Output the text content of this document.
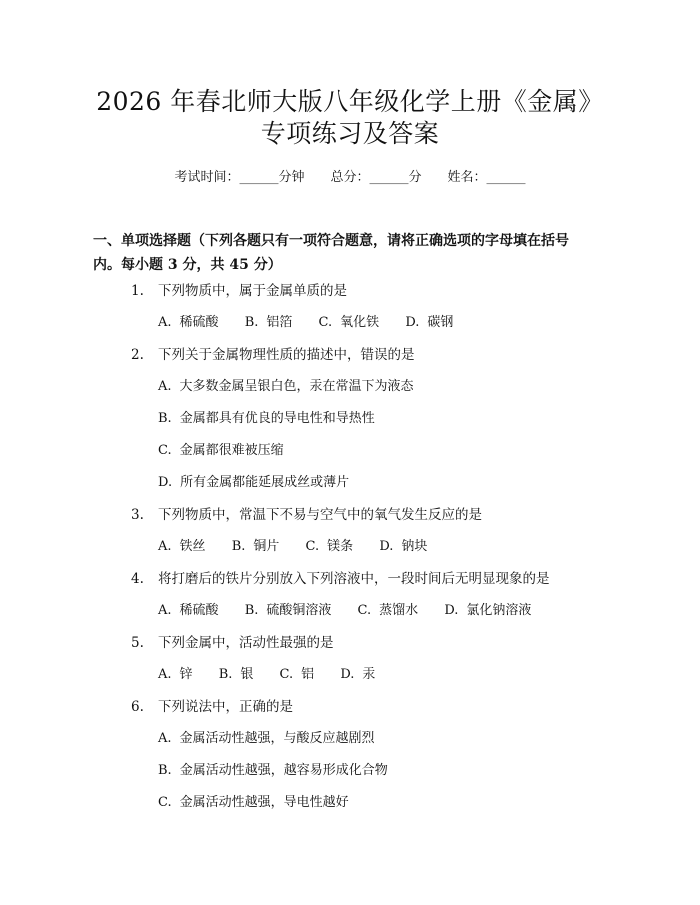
2026 年春北师大版八年级化学上册《金属》
专项练习及答案
考试时间：______分钟 总分：______分 姓名：______
一、单项选择题（下列各题只有一项符合题意，请将正确选项的字母填在括号内。每小题 3 分，共 45 分）
1. 下列物质中，属于金属单质的是
A. 稀硫酸 B. 铝箔 C. 氧化铁 D. 碳钢
2. 下列关于金属物理性质的描述中，错误的是
A. 大多数金属呈银白色，汞在常温下为液态
B. 金属都具有优良的导电性和导热性
C. 金属都很难被压缩
D. 所有金属都能延展成丝或薄片
3. 下列物质中，常温下不易与空气中的氧气发生反应的是
A. 铁丝 B. 铜片 C. 镁条 D. 钠块
4. 将打磨后的铁片分别放入下列溶液中，一段时间后无明显现象的是
A. 稀硫酸 B. 硫酸铜溶液 C. 蒸馏水 D. 氯化钠溶液
5. 下列金属中，活动性最强的是
A. 锌 B. 银 C. 铝 D. 汞
6. 下列说法中，正确的是
A. 金属活动性越强，与酸反应越剧烈
B. 金属活动性越强，越容易形成化合物
C. 金属活动性越强，导电性越好
